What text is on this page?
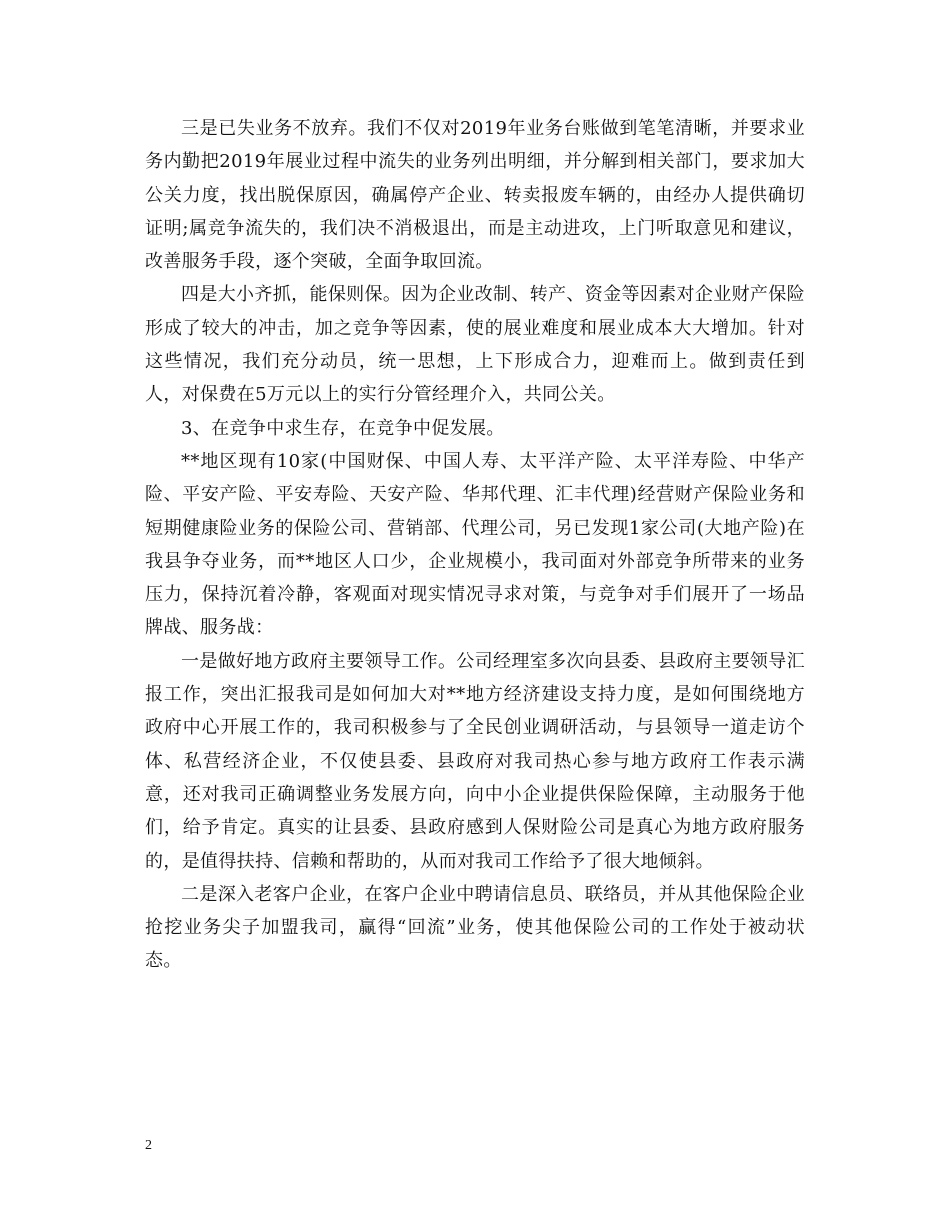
三是已失业务不放弃。我们不仅对2019年业务台账做到笔笔清晰，并要求业务内勤把2019年展业过程中流失的业务列出明细，并分解到相关部门，要求加大公关力度，找出脱保原因，确属停产企业、转卖报废车辆的，由经办人提供确切证明;属竞争流失的，我们决不消极退出，而是主动进攻，上门听取意见和建议，改善服务手段，逐个突破，全面争取回流。

四是大小齐抓，能保则保。因为企业改制、转产、资金等因素对企业财产保险形成了较大的冲击，加之竞争等因素，使的展业难度和展业成本大大增加。针对这些情况，我们充分动员，统一思想，上下形成合力，迎难而上。做到责任到人，对保费在5万元以上的实行分管经理介入，共同公关。

3、在竞争中求生存，在竞争中促发展。

**地区现有10家(中国财保、中国人寿、太平洋产险、太平洋寿险、中华产险、平安产险、平安寿险、天安产险、华邦代理、汇丰代理)经营财产保险业务和短期健康险业务的保险公司、营销部、代理公司，另已发现1家公司(大地产险)在我县争夺业务，而**地区人口少，企业规模小，我司面对外部竞争所带来的业务压力，保持沉着冷静，客观面对现实情况寻求对策，与竞争对手们展开了一场品牌战、服务战：

一是做好地方政府主要领导工作。公司经理室多次向县委、县政府主要领导汇报工作，突出汇报我司是如何加大对**地方经济建设支持力度，是如何围绕地方政府中心开展工作的，我司积极参与了全民创业调研活动，与县领导一道走访个体、私营经济企业，不仅使县委、县政府对我司热心参与地方政府工作表示满意，还对我司正确调整业务发展方向，向中小企业提供保险保障，主动服务于他们，给予肯定。真实的让县委、县政府感到人保财险公司是真心为地方政府服务的，是值得扶持、信赖和帮助的，从而对我司工作给予了很大地倾斜。

二是深入老客户企业，在客户企业中聘请信息员、联络员，并从其他保险企业抢挖业务尖子加盟我司，赢得“回流”业务，使其他保险公司的工作处于被动状态。

2
